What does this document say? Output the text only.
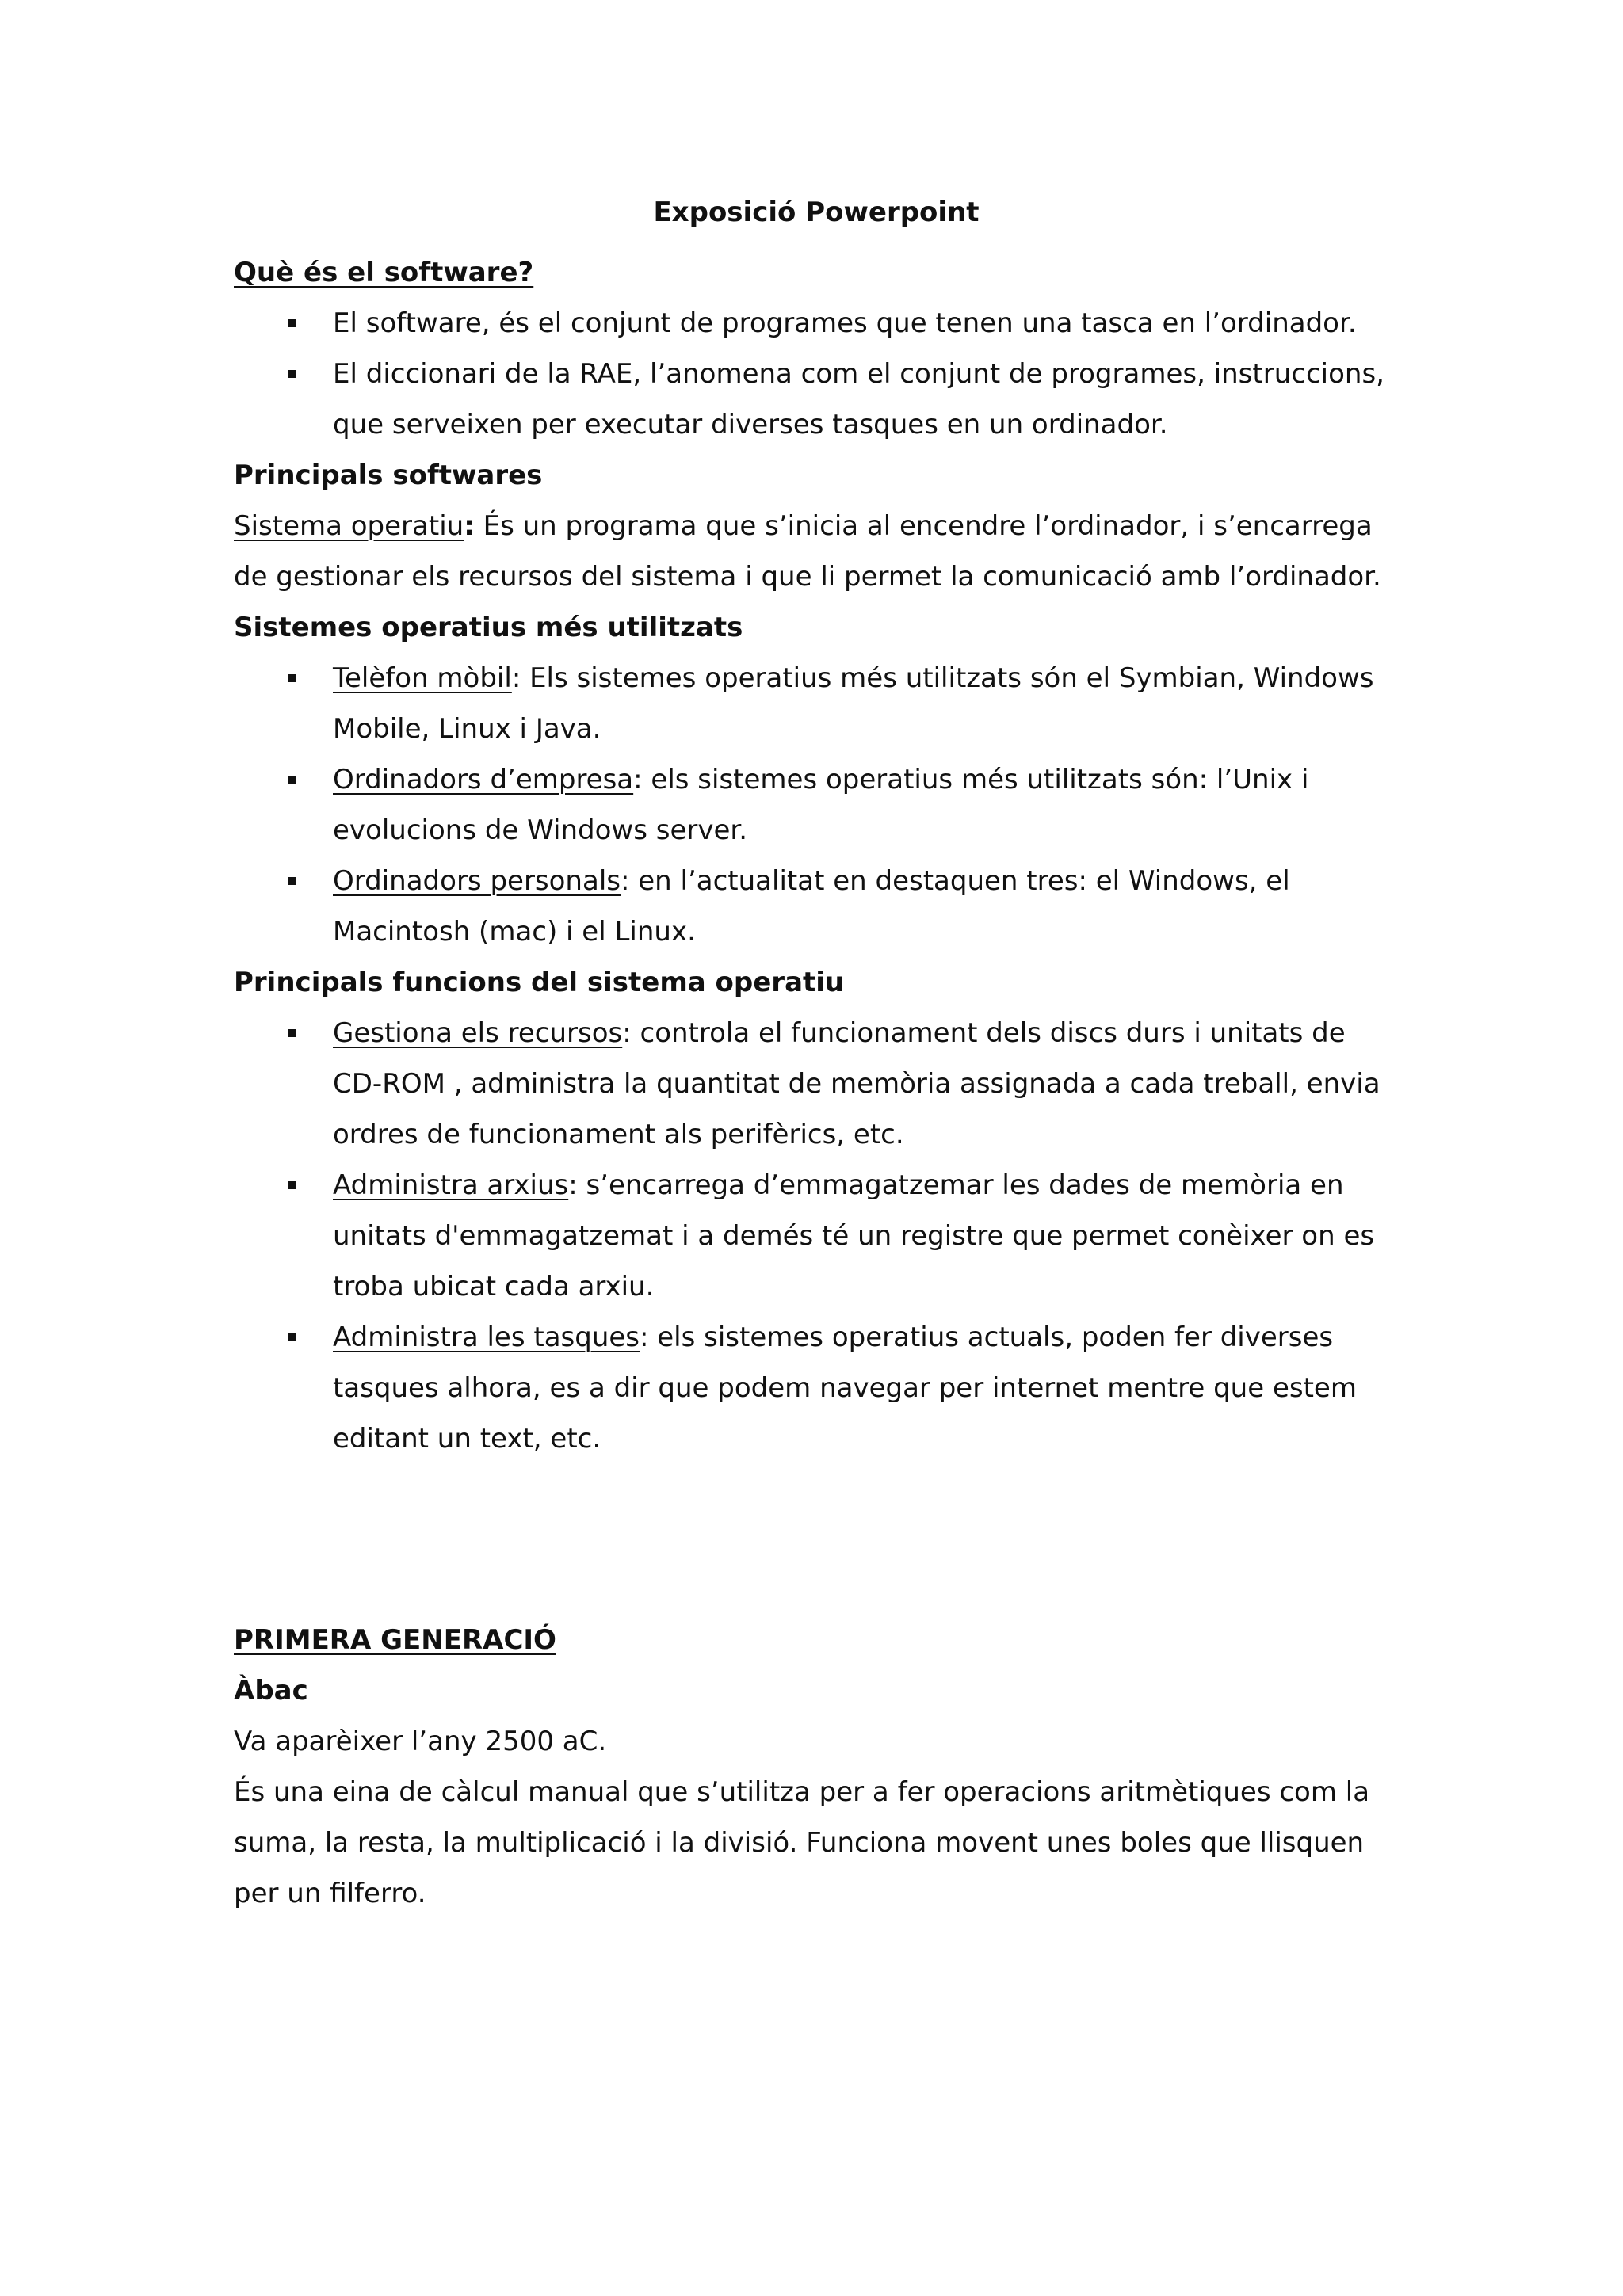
Exposició Powerpoint

Què és el software?

El software, és el conjunt de programes que tenen una tasca en l’ordinador.
El diccionari de la RAE, l’anomena com el conjunt de programes, instruccions, que serveixen per executar diverses tasques en un ordinador.

Principals softwares

Sistema operatiu: És un programa que s’inicia al encendre l’ordinador, i s’encarrega de gestionar els recursos del sistema i que li permet la comunicació amb l’ordinador.

Sistemes operatius més utilitzats

Telèfon mòbil: Els sistemes operatius més utilitzats són el Symbian, Windows Mobile, Linux i Java.
Ordinadors d’empresa: els sistemes operatius més utilitzats són: l’Unix i evolucions de Windows server.
Ordinadors personals: en l’actualitat en destaquen tres: el Windows, el Macintosh (mac) i el Linux.

Principals funcions del sistema operatiu

Gestiona els recursos: controla el funcionament dels discs durs i unitats de CD-ROM , administra la quantitat de memòria assignada a cada treball, envia ordres de funcionament als perifèrics, etc.
Administra arxius: s’encarrega d’emmagatzemar les dades de memòria en unitats d'emmagatzemat i a demés té un registre que permet conèixer on es troba ubicat cada arxiu.
Administra les tasques: els sistemes operatius actuals, poden fer diverses tasques alhora, es a dir que podem navegar per internet mentre que estem editant un text, etc.

PRIMERA GENERACIÓ

Àbac

Va aparèixer l’any 2500 aC.

És una eina de càlcul manual que s’utilitza per a fer operacions aritmètiques com la suma, la resta, la multiplicació i la divisió. Funciona movent unes boles que llisquen per un filferro.
